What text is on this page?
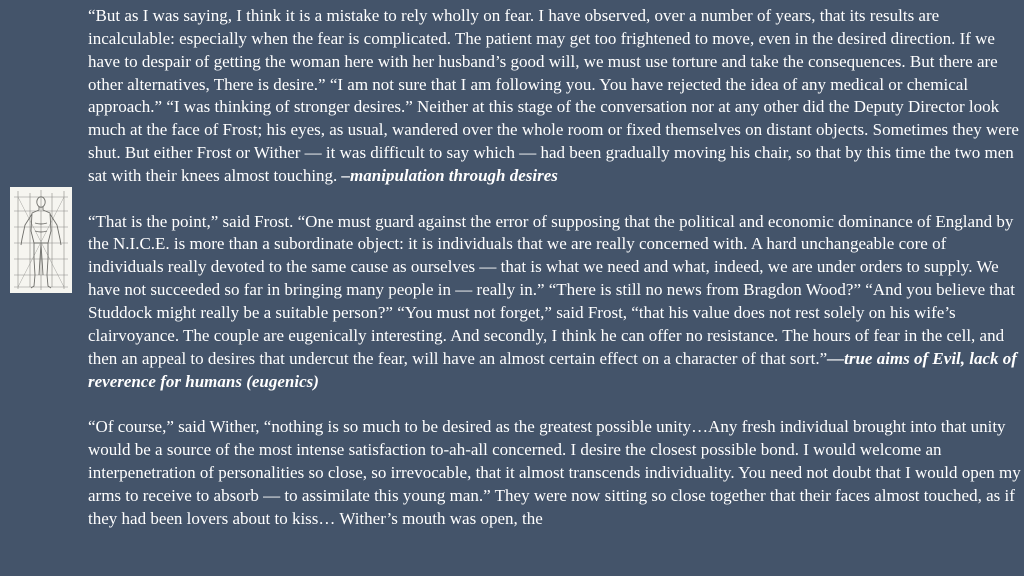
“But as I was saying, I think it is a mistake to rely wholly on fear. I have observed, over a number of years, that its results are incalculable: especially when the fear is complicated. The patient may get too frightened to move, even in the desired direction. If we have to despair of getting the woman here with her husband’s good will, we must use torture and take the consequences. But there are other alternatives, There is desire.” “I am not sure that I am following you. You have rejected the idea of any medical or chemical approach.” “I was thinking of stronger desires.” Neither at this stage of the conversation nor at any other did the Deputy Director look much at the face of Frost; his eyes, as usual, wandered over the whole room or fixed themselves on distant objects. Sometimes they were shut. But either Frost or Wither — it was difficult to say which — had been gradually moving his chair, so that by this time the two men sat with their knees almost touching. –manipulation through desires

“That is the point,” said Frost. “One must guard against the error of supposing that the political and economic dominance of England by the N.I.C.E. is more than a subordinate object: it is individuals that we are really concerned with. A hard unchangeable core of individuals really devoted to the same cause as ourselves — that is what we need and what, indeed, we are under orders to supply. We have not succeeded so far in bringing many people in — really in.” “There is still no news from Bragdon Wood?” “And you believe that Studdock might really be a suitable person?” “You must not forget,” said Frost, “that his value does not rest solely on his wife’s clairvoyance. The couple are eugenically interesting. And secondly, I think he can offer no resistance. The hours of fear in the cell, and then an appeal to desires that undercut the fear, will have an almost certain effect on a character of that sort.”—true aims of Evil, lack of reverence for humans (eugenics)

“Of course,” said Wither, “nothing is so much to be desired as the greatest possible unity…Any fresh individual brought into that unity would be a source of the most intense satisfaction to-ah-all concerned. I desire the closest possible bond. I would welcome an interpenetration of personalities so close, so irrevocable, that it almost transcends individuality. You need not doubt that I would open my arms to receive to absorb — to assimilate this young man.” They were now sitting so close together that their faces almost touched, as if they had been lovers about to kiss… Wither’s mouth was open, the
